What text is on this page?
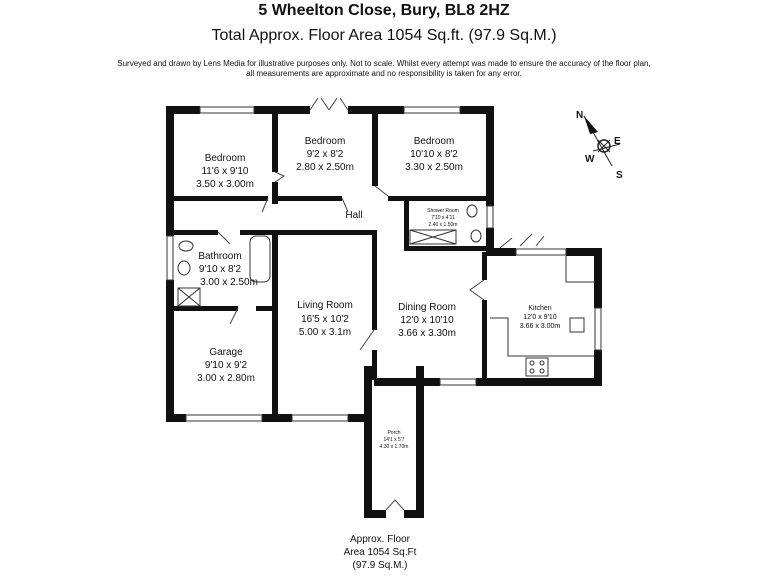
5 Wheelton Close, Bury, BL8 2HZ
Total Approx. Floor Area 1054 Sq.ft. (97.9 Sq.M.)
Surveyed and drawn by Lens Media for illustrative purposes only. Not to scale. Whilst every attempt was made to ensure the accuracy of the floor plan,
all measurements are approximate and no responsibility is taken for any error.
N
E
S
W
Bedroom
11'6 x 9'10
3.50 x 3.00m
Bedroom
9'2 x 8'2
2.80 x 2.50m
Bedroom
10'10 x 8'2
3.30 x 2.50m
Hall	Shower Room
7'10 x 4'11
2.40 x 1.50m
Bathroom
9'10 x 8'2
3.00 x 2.50m
Living Room
16'5 x 10'2
5.00 x 3.1m
Dining Room
12'0 x 10'10
3.66 x 3.30m
Kitchen
12'0 x 9'10
3.66 x 3.00m
Garage
9'10 x 9'2
3.00 x 2.80m
Porch
14'1 x 5'7
4.30 x 1.70m
Approx. Floor
Area 1054 Sq.Ft
(97.9 Sq.M.)
